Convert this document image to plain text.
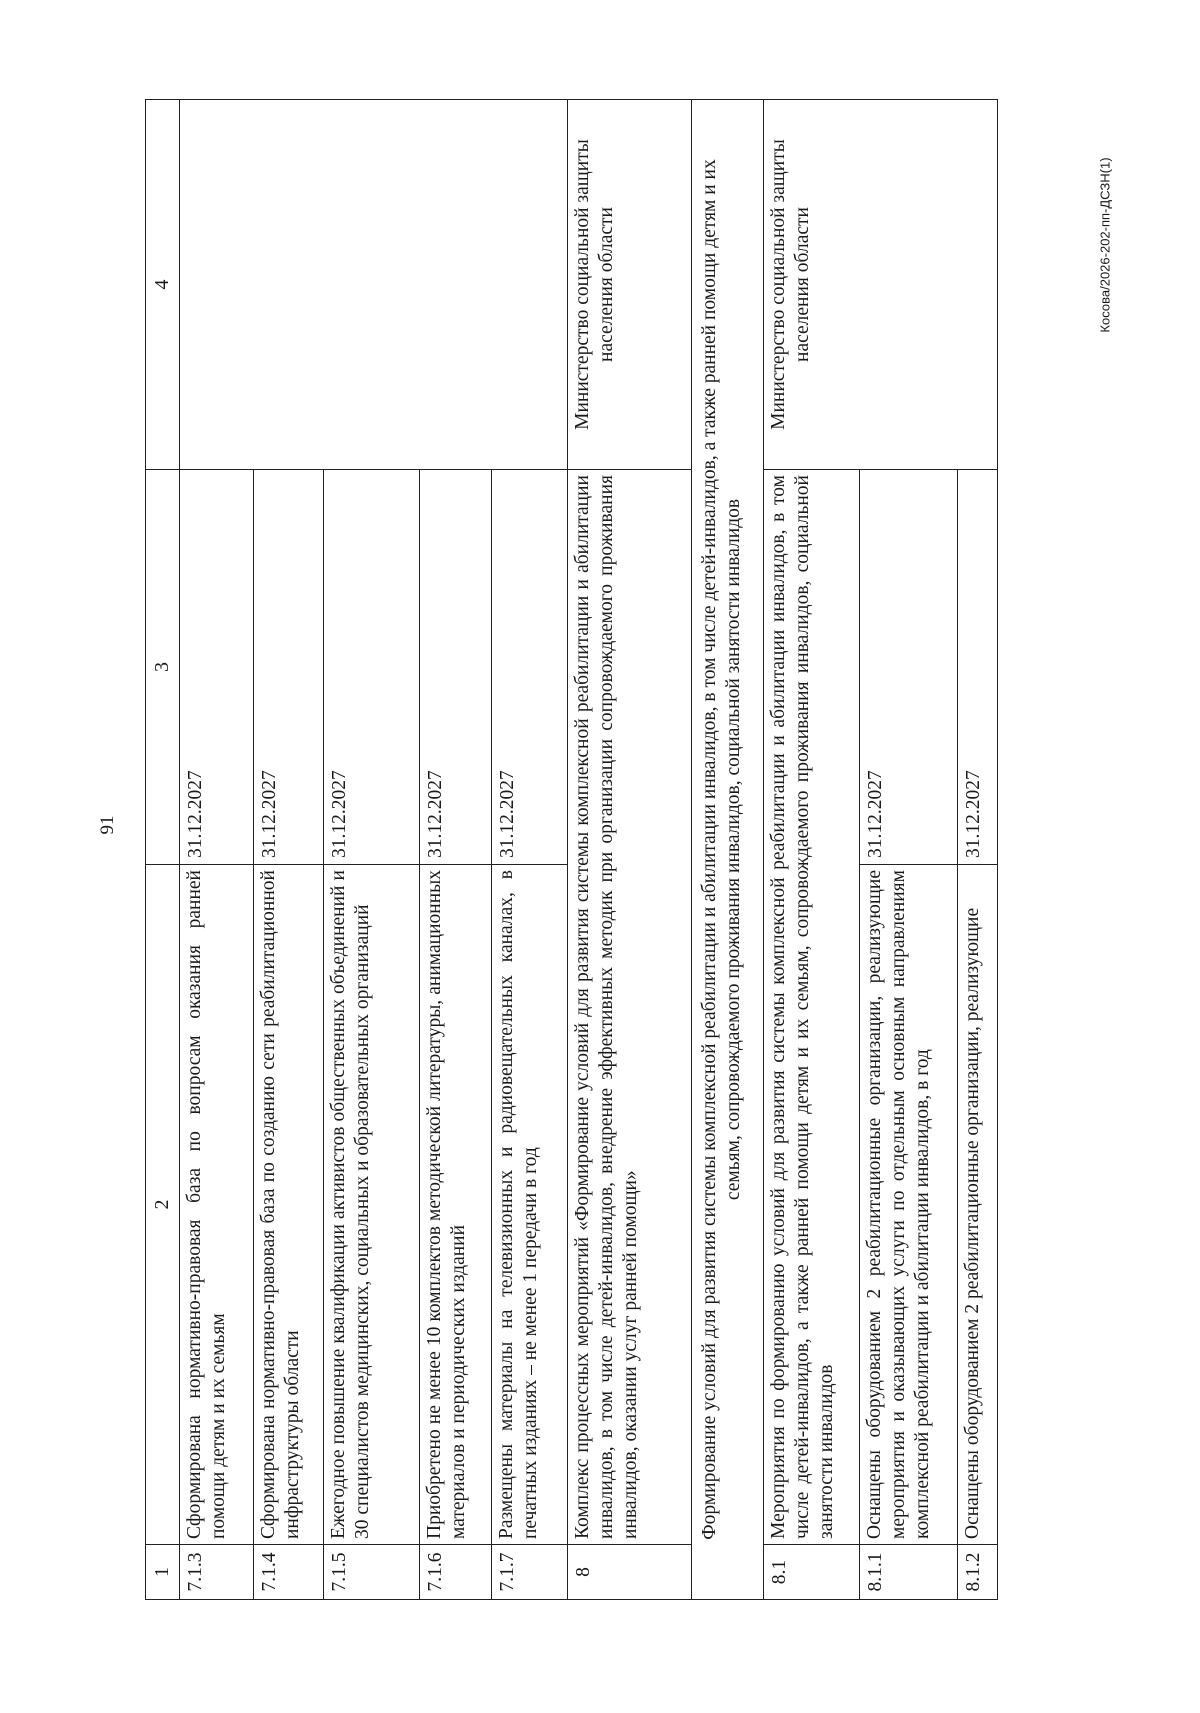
91
Косова/2026-202-пп-ДСЗН(1)
1	2	3	4
7.1.3	Сформирована нормативно-правовая база по вопросам оказания ранней помощи детям и их семьям	31.12.2027	
7.1.4	Сформирована нормативно-правовая база по созданию сети реабилитационной инфраструктуры области	31.12.2027	
7.1.5	Ежегодное повышение квалификации активистов общественных объединений и 30 специалистов медицинских, социальных и образовательных организаций	31.12.2027	
7.1.6	Приобретено не менее 10 комплектов методической литературы, анимационных материалов и периодических изданий	31.12.2027	
7.1.7	Размещены материалы на телевизионных и радиовещательных каналах, в печатных изданиях – не менее 1 передачи в год	31.12.2027	
8	Комплекс процессных мероприятий «Формирование условий для развития системы комплексной реабилитации и абилитации инвалидов, в том числе детей-инвалидов, внедрение эффективных методик при организации сопровождаемого проживания инвалидов, оказании услуг ранней помощи»		Министерство социальной защиты населения области
Формирование условий для развития системы комплексной реабилитации и абилитации инвалидов, в том числе детей-инвалидов, а также ранней помощи детям и их семьям, сопровождаемого проживания инвалидов, социальной занятости инвалидов			
8.1	Мероприятия по формированию условий для развития системы комплексной реабилитации и абилитации инвалидов, в том числе детей-инвалидов, а также ранней помощи детям и их семьям, сопровождаемого проживания инвалидов, социальной занятости инвалидов		Министерство социальной защиты населения области
8.1.1	Оснащены оборудованием 2 реабилитационные организации, реализующие мероприятия и оказывающих услуги по отдельным основным направлениям комплексной реабилитации и абилитации инвалидов, в год	31.12.2027	
8.1.2	Оснащены оборудованием 2 реабилитационные организации, реализующие	31.12.2027	
